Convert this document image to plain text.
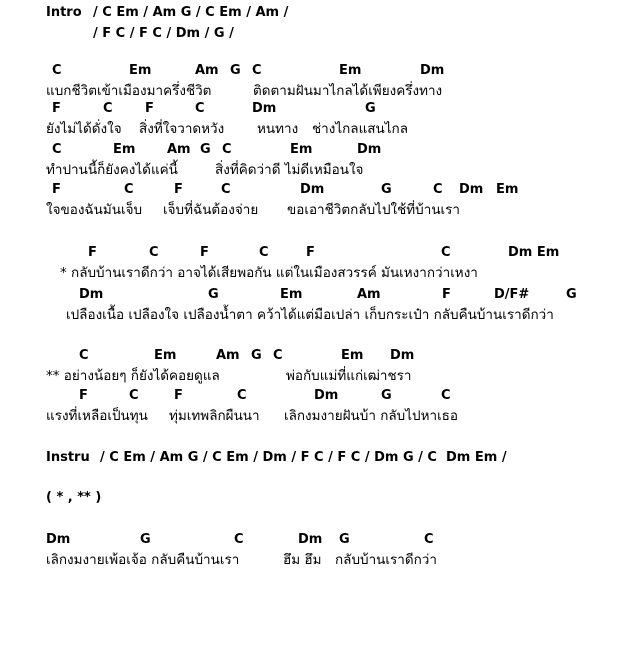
Intro

/ C Em / Am G / C Em / Am /

/ F C / F C / Dm / G /

C

	Em

	Am

G

C

	Em

	Dm

แบกชีวิตเข้าเมืองมาครึ่งชีวิต

	ติดตามฝันมาไกลได้เพียงครึ่งทาง

F

	C

F

	C

	Dm

	G

ยังไม่ได้ดั่งใจ

สิ่งที่ใจวาดหวัง

หนทาง

ช่างไกลแสนไกล

C

	Em

Am

G

C

	Em

	Dm

ทำปานนี้ก็ยังคงได้แค่นี้

	สิ่งที่คิดว่าดี ไม่ดีเหมือนใจ

F

	C

	F

	C

	Dm

	G

	C

Dm

Em

ใจของฉันมันเจ็บ

เจ็บที่ฉันต้องจ่าย

ขอเอาชีวิตกลับไปใช้ที่บ้านเรา

F

	C

	F

	C

	F

	C

	Dm Em

* กลับบ้านเราดีกว่า อาจได้เสียพอกัน แต่ในเมืองสวรรค์ มันเหงากว่าเหงา

Dm

	G

	Em

	Am

	F

	D/F#

	G

เปลืองเนื้อ เปลืองใจ เปลืองน้ำตา คว้าได้แต่มือเปล่า เก็บกระเป๋า กลับคืนบ้านเราดีกว่า

C

	Em

	Am

G

C

	Em

Dm

** อย่างน้อยๆ ก็ยังได้คอยดูแล

	พ่อกับแม่ที่แก่เฒ่าชรา

F

	C

	F

	C

	Dm

	G

	C

แรงที่เหลือเป็นทุน

ทุ่มเทพลิกผืนนา

เลิกงมงายฝันบ้า กลับไปหาเธอ

Instru

/ C Em / Am G / C Em / Dm / F C / F C / Dm G / C  Dm Em /

( * , ** )

Dm

	G

	C

	Dm

G

	C

เลิกงมงายเพ้อเจ้อ กลับคืนบ้านเรา

	ฮึม ฮึม

กลับบ้านเราดีกว่า
